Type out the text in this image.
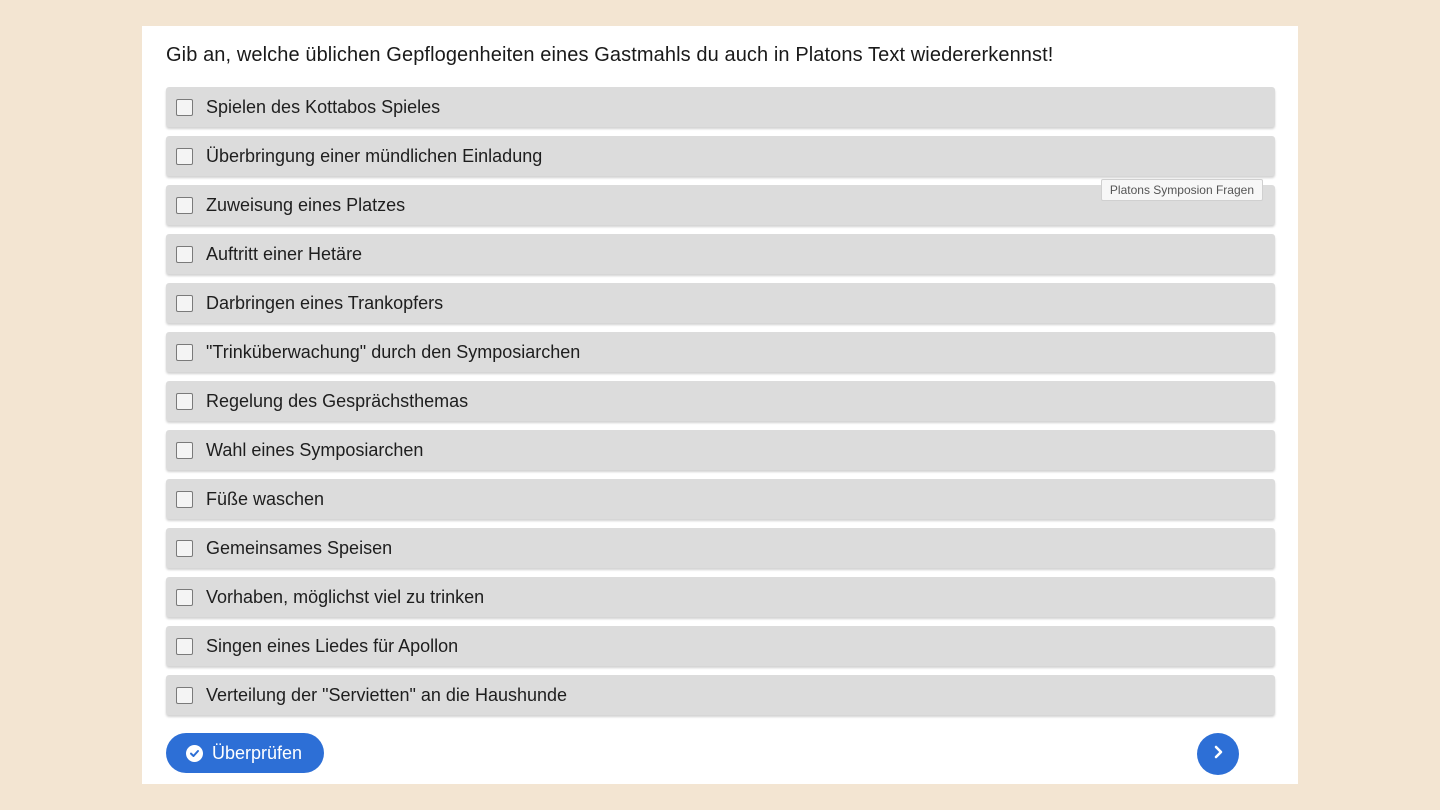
Gib an, welche üblichen Gepflogenheiten eines Gastmahls du auch in Platons Text wiedererkennst!
Spielen des Kottabos Spieles
Überbringung einer mündlichen Einladung
Zuweisung eines Platzes
Platons Symposion Fragen
Auftritt einer Hetäre
Darbringen eines Trankopfers
"Trinküberwachung" durch den Symposiarchen
Regelung des Gesprächsthemas
Wahl eines Symposiarchen
Füße waschen
Gemeinsames Speisen
Vorhaben, möglichst viel zu trinken
Singen eines Liedes für Apollon
Verteilung der "Servietten" an die Haushunde
Überprüfen
